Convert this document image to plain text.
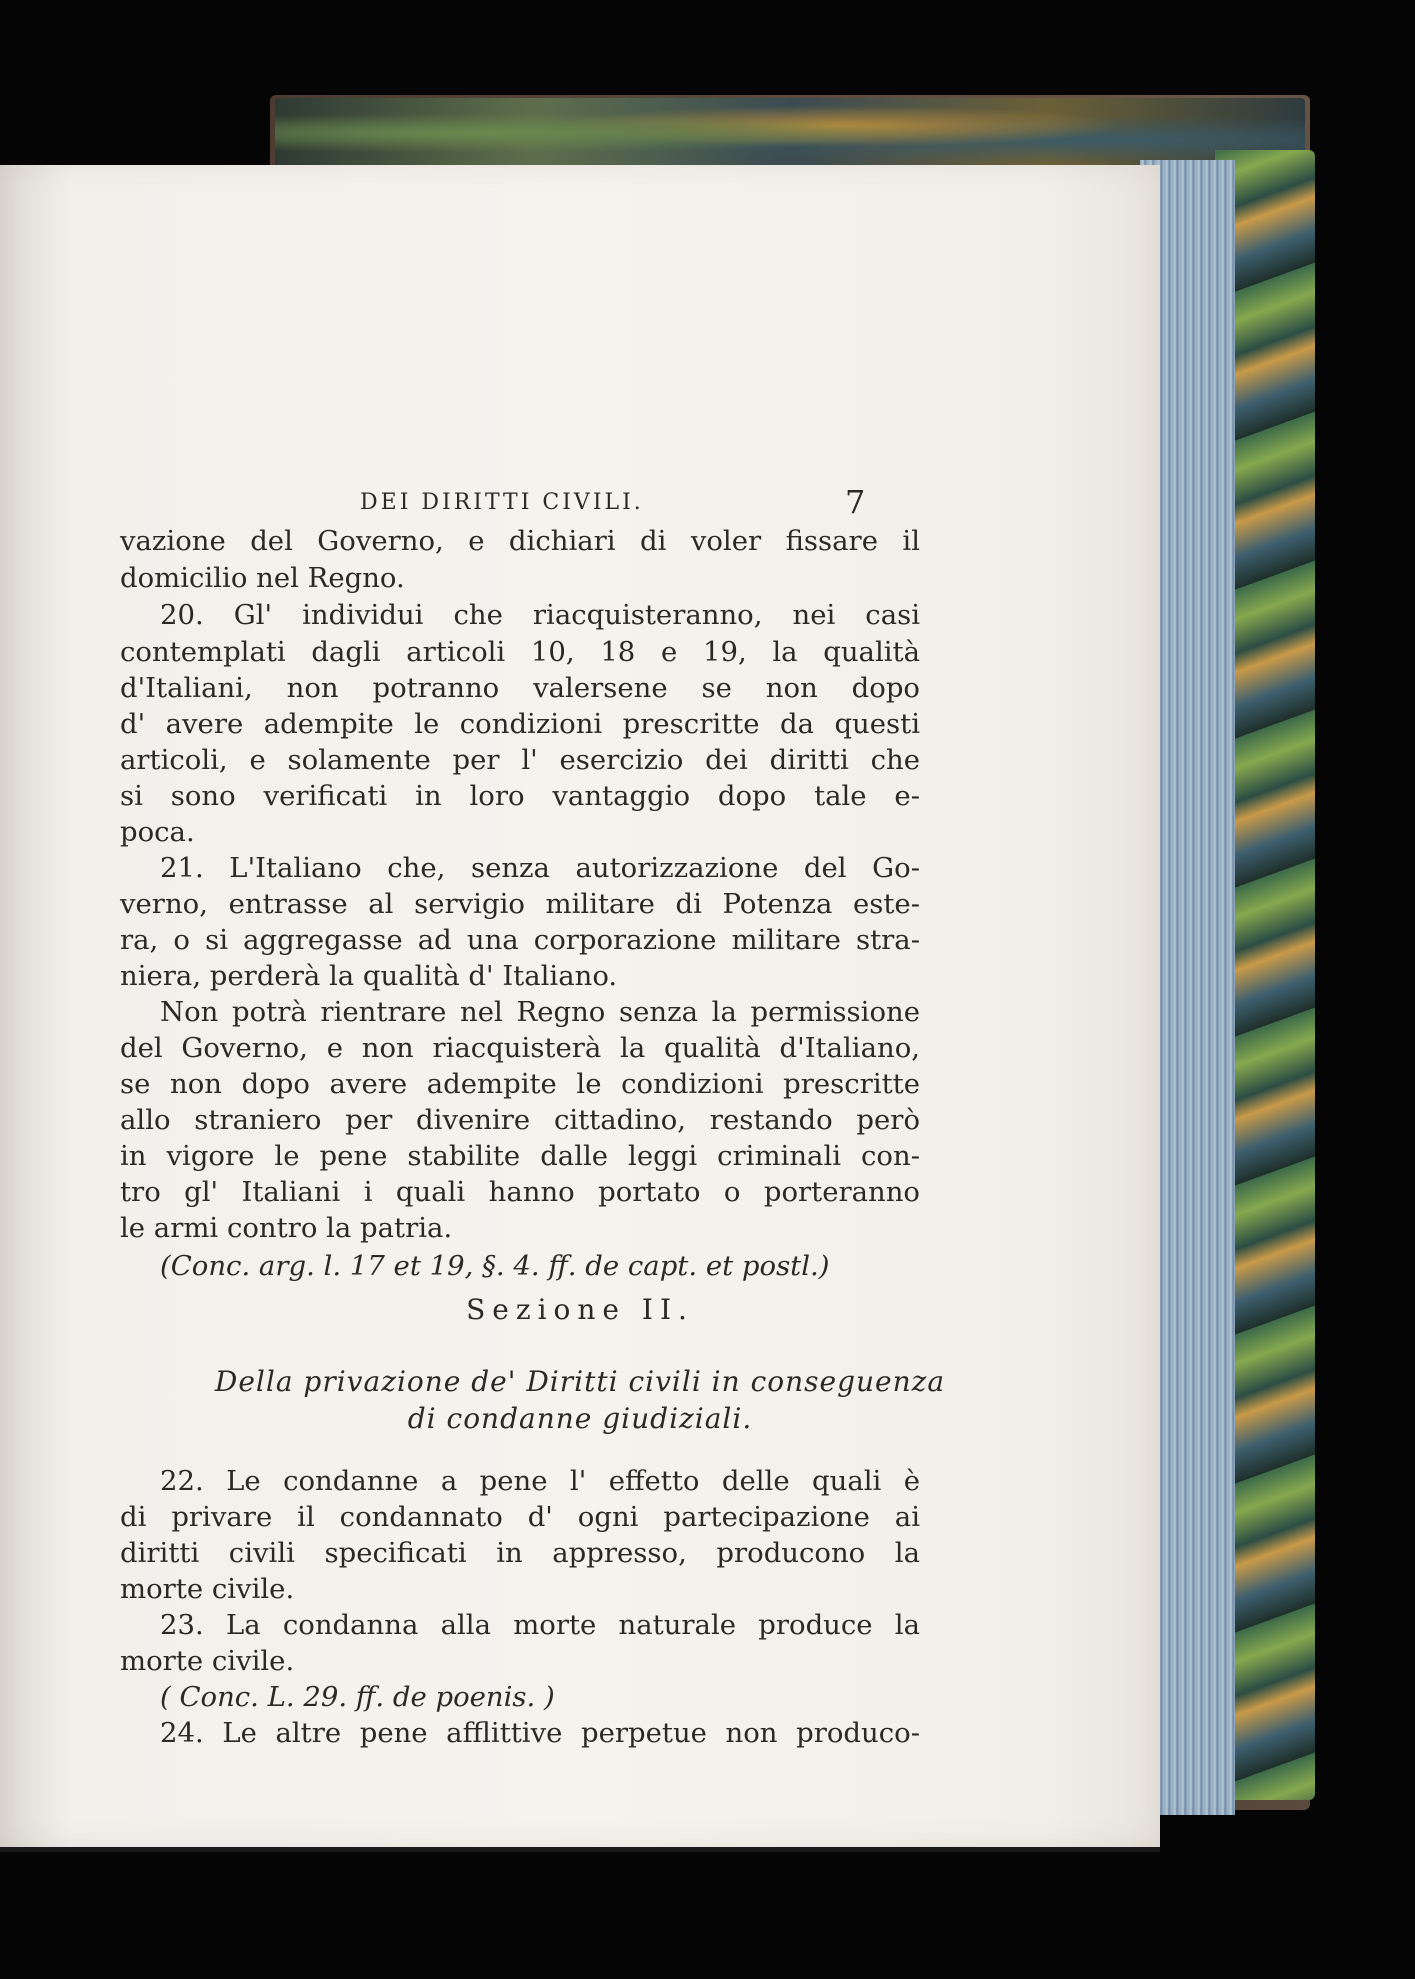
DEI DIRITTI CIVILI.	7
vazione del Governo, e dichiari di voler fissare il
domicilio nel Regno.
20. Gl' individui che riacquisteranno, nei casi
contemplati dagli articoli 10, 18 e 19, la qualità
d'Italiani, non potranno valersene se non dopo
d' avere adempite le condizioni prescritte da questi
articoli, e solamente per l' esercizio dei diritti che
si sono verificati in loro vantaggio dopo tale e-
poca.
21. L'Italiano che, senza autorizzazione del Go-
verno, entrasse al servigio militare di Potenza este-
ra, o si aggregasse ad una corporazione militare stra-
niera, perderà la qualità d' Italiano.
Non potrà rientrare nel Regno senza la permissione
del Governo, e non riacquisterà la qualità d'Italiano,
se non dopo avere adempite le condizioni prescritte
allo straniero per divenire cittadino, restando però
in vigore le pene stabilite dalle leggi criminali con-
tro gl' Italiani i quali hanno portato o porteranno
le armi contro la patria.
(Conc. arg. l. 17 et 19, §. 4. ff. de capt. et postl.)
Sezione II.
Della privazione de' Diritti civili in conseguenza
di condanne giudiziali.
22. Le condanne a pene l' effetto delle quali è
di privare il condannato d' ogni partecipazione ai
diritti civili specificati in appresso, producono la
morte civile.
23. La condanna alla morte naturale produce la
morte civile.
( Conc. L. 29. ff. de poenis. )
24. Le altre pene afflittive perpetue non produco-
